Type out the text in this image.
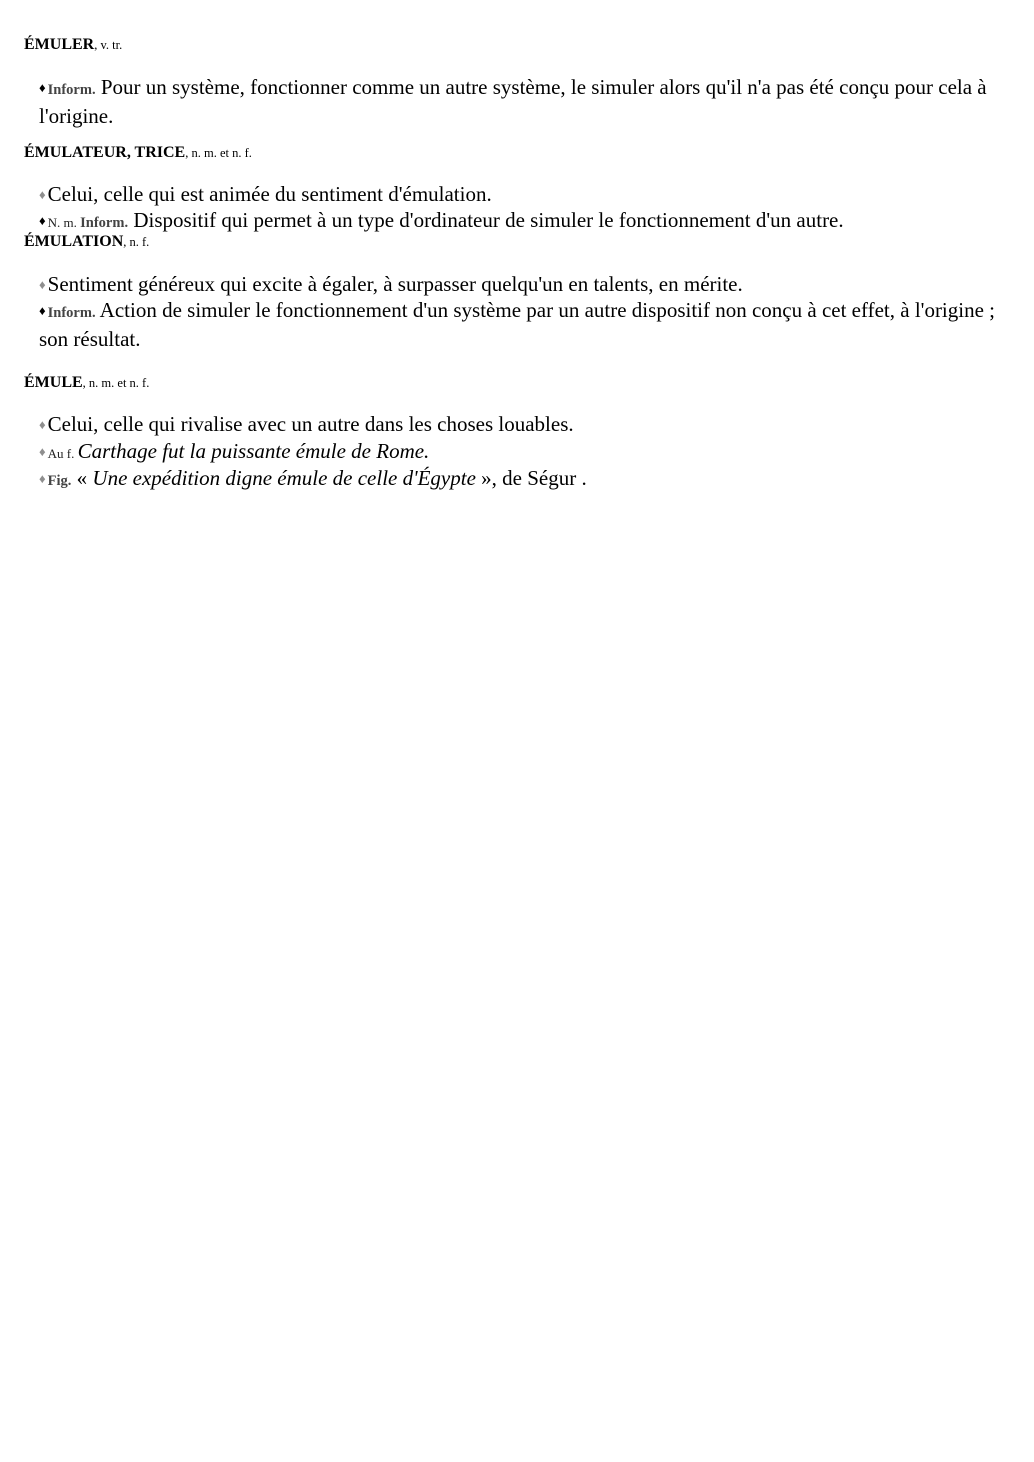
ÉMULER, v. tr.
♦ Inform. Pour un système, fonctionner comme un autre système, le simuler alors qu'il n'a pas été conçu pour cela à l'origine.
ÉMULATEUR, TRICE, n. m. et n. f.
♦Celui, celle qui est animée du sentiment d'émulation.
♦ N. m. Inform. Dispositif qui permet à un type d'ordinateur de simuler le fonctionnement d'un autre.
ÉMULATION, n. f.
♦Sentiment généreux qui excite à égaler, à surpasser quelqu'un en talents, en mérite.
♦ Inform. Action de simuler le fonctionnement d'un système par un autre dispositif non conçu à cet effet, à l'origine ; son résultat.
ÉMULE, n. m. et n. f.
♦Celui, celle qui rivalise avec un autre dans les choses louables.
♦ Au f. Carthage fut la puissante émule de Rome.
♦ Fig. « Une expédition digne émule de celle d'Égypte », de Ségur .
